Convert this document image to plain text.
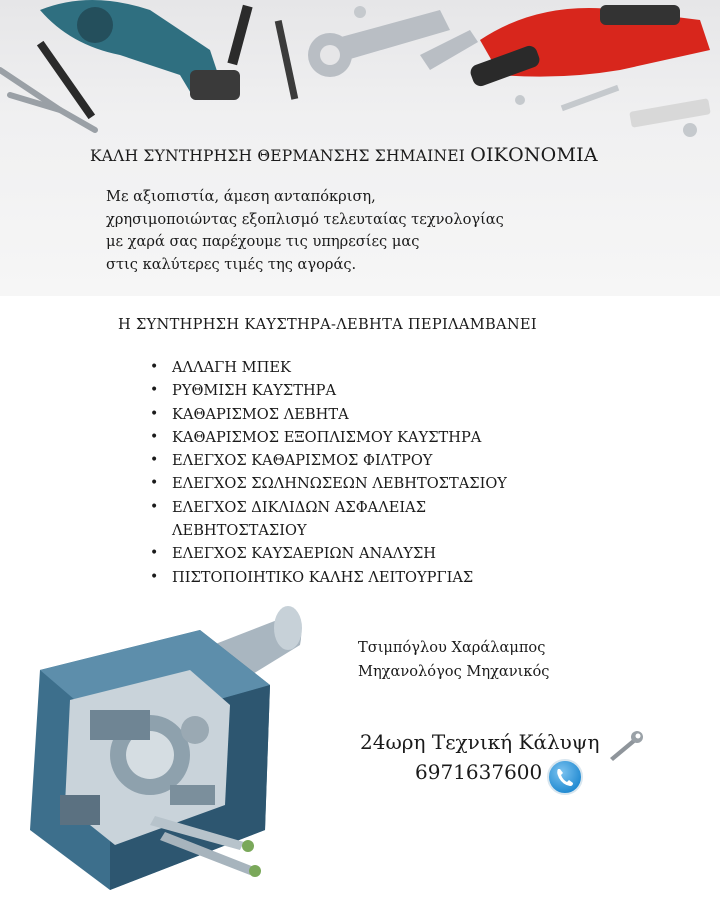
ΚΑΛΗ ΣΥΝΤΗΡΗΣΗ ΘΕΡΜΑΝΣΗΣ ΣΗΜΑΙΝΕΙ ΟΙΚΟΝΟΜΙΑ
Με αξιοπιστία, άμεση ανταπόκριση,
χρησιμοποιώντας εξοπλισμό τελευταίας τεχνολογίας
με χαρά σας παρέχουμε τις υπηρεσίες μας
στις καλύτερες τιμές της αγοράς.
Η ΣΥΝΤΗΡΗΣΗ ΚΑΥΣΤΗΡΑ-ΛΕΒΗΤΑ ΠΕΡΙΛΑΜΒΑΝΕΙ
• ΑΛΛΑΓΗ ΜΠΕΚ
• ΡΥΘΜΙΣΗ ΚΑΥΣΤΗΡΑ
• ΚΑΘΑΡΙΣΜΟΣ ΛΕΒΗΤΑ
• ΚΑΘΑΡΙΣΜΟΣ ΕΞΟΠΛΙΣΜΟΥ ΚΑΥΣΤΗΡΑ
• ΕΛΕΓΧΟΣ ΚΑΘΑΡΙΣΜΟΣ ΦΙΛΤΡΟΥ
• ΕΛΕΓΧΟΣ ΣΩΛΗΝΩΣΕΩΝ ΛΕΒΗΤΟΣΤΑΣΙΟΥ
• ΕΛΕΓΧΟΣ ΔΙΚΛΙΔΩΝ ΑΣΦΑΛΕΙΑΣ ΛΕΒΗΤΟΣΤΑΣΙΟΥ
• ΕΛΕΓΧΟΣ ΚΑΥΣΑΕΡΙΩΝ ΑΝΑΛΥΣΗ
• ΠΙΣΤΟΠΟΙΗΤΙΚΟ ΚΑΛΗΣ ΛΕΙΤΟΥΡΓΙΑΣ
Τσιμπόγλου Χαράλαμπος
Μηχανολόγος Μηχανικός
24ωρη Τεχνική Κάλυψη
6971637600
